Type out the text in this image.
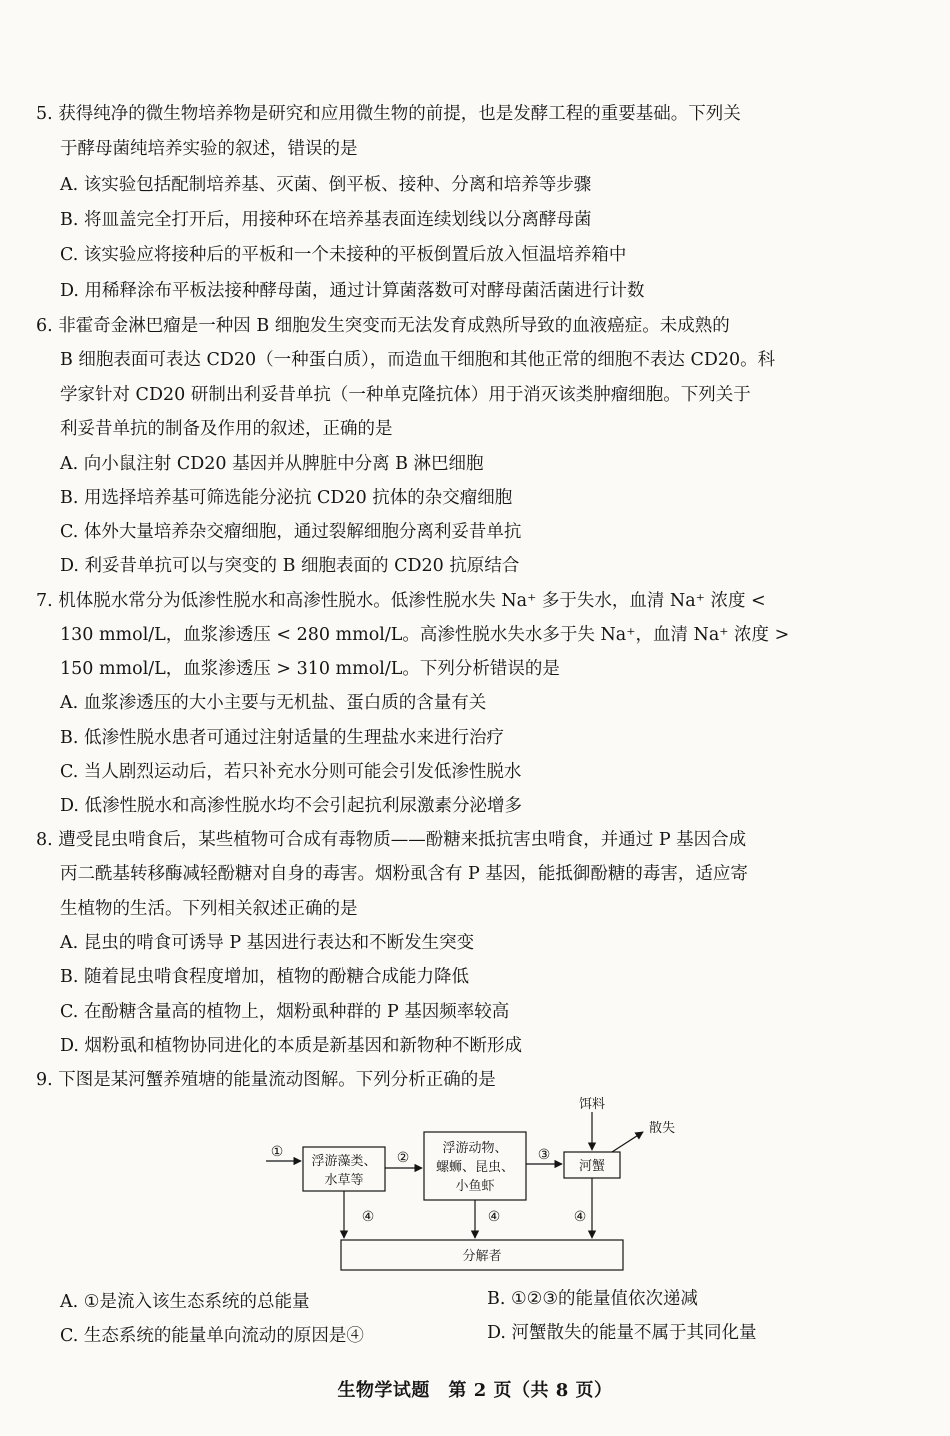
5. 获得纯净的微生物培养物是研究和应用微生物的前提，也是发酵工程的重要基础。下列关
于酵母菌纯培养实验的叙述，错误的是
A. 该实验包括配制培养基、灭菌、倒平板、接种、分离和培养等步骤
B. 将皿盖完全打开后，用接种环在培养基表面连续划线以分离酵母菌
C. 该实验应将接种后的平板和一个未接种的平板倒置后放入恒温培养箱中
D. 用稀释涂布平板法接种酵母菌，通过计算菌落数可对酵母菌活菌进行计数
6. 非霍奇金淋巴瘤是一种因 B 细胞发生突变而无法发育成熟所导致的血液癌症。未成熟的
B 细胞表面可表达 CD20（一种蛋白质），而造血干细胞和其他正常的细胞不表达 CD20。科
学家针对 CD20 研制出利妥昔单抗（一种单克隆抗体）用于消灭该类肿瘤细胞。下列关于
利妥昔单抗的制备及作用的叙述，正确的是
A. 向小鼠注射 CD20 基因并从脾脏中分离 B 淋巴细胞
B. 用选择培养基可筛选能分泌抗 CD20 抗体的杂交瘤细胞
C. 体外大量培养杂交瘤细胞，通过裂解细胞分离利妥昔单抗
D. 利妥昔单抗可以与突变的 B 细胞表面的 CD20 抗原结合
7. 机体脱水常分为低渗性脱水和高渗性脱水。低渗性脱水失 Na⁺ 多于失水，血清 Na⁺ 浓度 <
130 mmol/L，血浆渗透压 < 280 mmol/L。高渗性脱水失水多于失 Na⁺，血清 Na⁺ 浓度 >
150 mmol/L，血浆渗透压 > 310 mmol/L。下列分析错误的是
A. 血浆渗透压的大小主要与无机盐、蛋白质的含量有关
B. 低渗性脱水患者可通过注射适量的生理盐水来进行治疗
C. 当人剧烈运动后，若只补充水分则可能会引发低渗性脱水
D. 低渗性脱水和高渗性脱水均不会引起抗利尿激素分泌增多
8. 遭受昆虫啃食后，某些植物可合成有毒物质——酚糖来抵抗害虫啃食，并通过 P 基因合成
丙二酰基转移酶减轻酚糖对自身的毒害。烟粉虱含有 P 基因，能抵御酚糖的毒害，适应寄
生植物的生活。下列相关叙述正确的是
A. 昆虫的啃食可诱导 P 基因进行表达和不断发生突变
B. 随着昆虫啃食程度增加，植物的酚糖合成能力降低
C. 在酚糖含量高的植物上，烟粉虱种群的 P 基因频率较高
D. 烟粉虱和植物协同进化的本质是新基因和新物种不断形成
9. 下图是某河蟹养殖塘的能量流动图解。下列分析正确的是
浮游藻类、
水草等
浮游动物、
螺蛳、昆虫、
小鱼虾
河蟹
分解者
①	②	③
④	④	④
饵料
散失
A. ①是流入该生态系统的总能量	B. ①②③的能量值依次递减
C. 生态系统的能量单向流动的原因是④	D. 河蟹散失的能量不属于其同化量
生物学试题　第 2 页（共 8 页）
